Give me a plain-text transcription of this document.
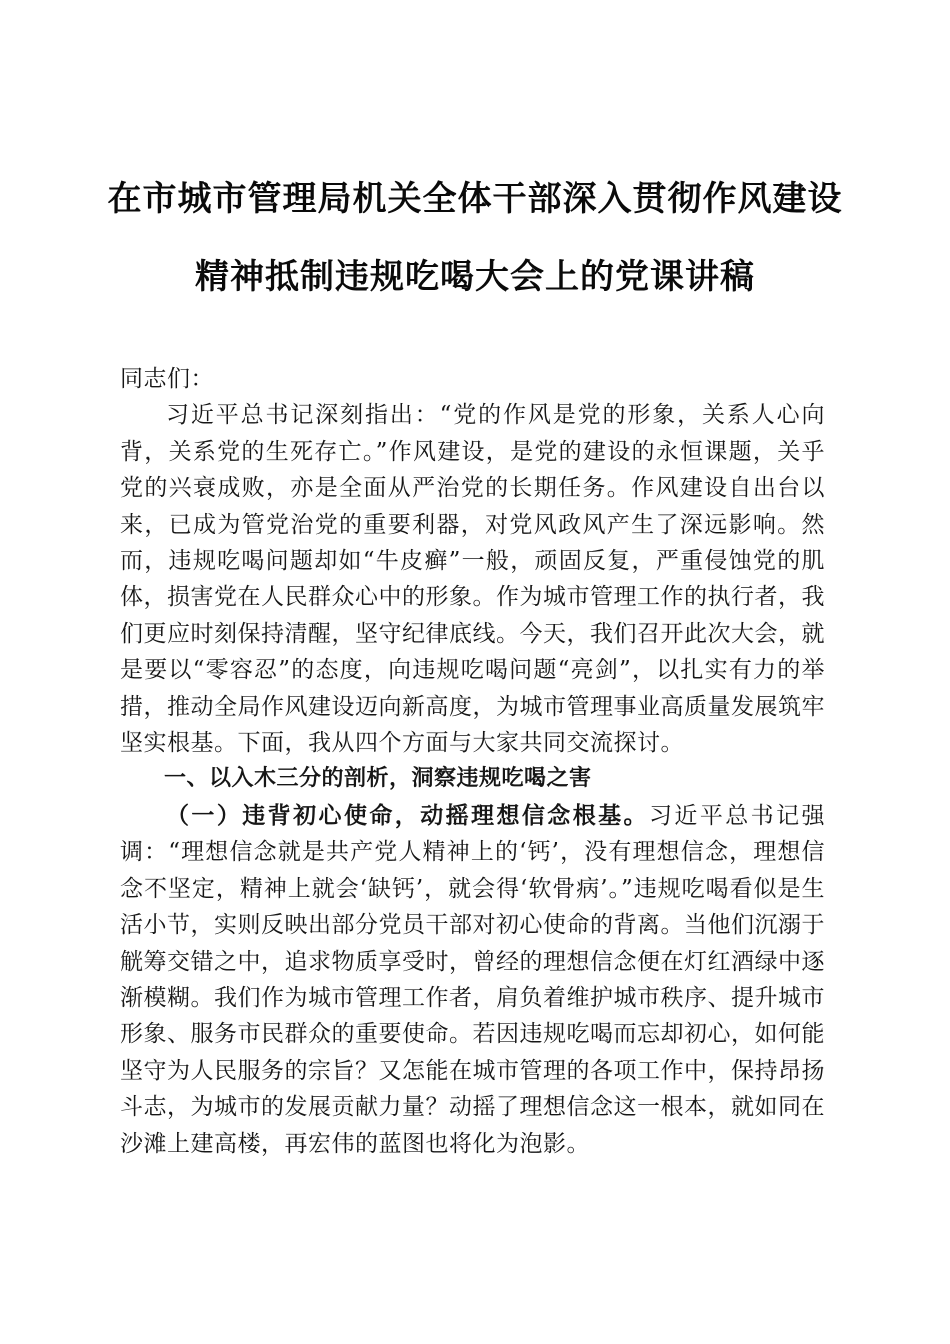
在市城市管理局机关全体干部深入贯彻作风建设精神抵制违规吃喝大会上的党课讲稿

同志们：

习近平总书记深刻指出：“党的作风是党的形象，关系人心向背，关系党的生死存亡。”作风建设，是党的建设的永恒课题，关乎党的兴衰成败，亦是全面从严治党的长期任务。作风建设自出台以来，已成为管党治党的重要利器，对党风政风产生了深远影响。然而，违规吃喝问题却如“牛皮癣”一般，顽固反复，严重侵蚀党的肌体，损害党在人民群众心中的形象。作为城市管理工作的执行者，我们更应时刻保持清醒，坚守纪律底线。今天，我们召开此次大会，就是要以“零容忍”的态度，向违规吃喝问题“亮剑”，以扎实有力的举措，推动全局作风建设迈向新高度，为城市管理事业高质量发展筑牢坚实根基。下面，我从四个方面与大家共同交流探讨。

一、以入木三分的剖析，洞察违规吃喝之害

（一）违背初心使命，动摇理想信念根基。习近平总书记强调：“理想信念就是共产党人精神上的‘钙’，没有理想信念，理想信念不坚定，精神上就会‘缺钙’，就会得‘软骨病’。”违规吃喝看似是生活小节，实则反映出部分党员干部对初心使命的背离。当他们沉溺于觥筹交错之中，追求物质享受时，曾经的理想信念便在灯红酒绿中逐渐模糊。我们作为城市管理工作者，肩负着维护城市秩序、提升城市形象、服务市民群众的重要使命。若因违规吃喝而忘却初心，如何能坚守为人民服务的宗旨？又怎能在城市管理的各项工作中，保持昂扬斗志，为城市的发展贡献力量？动摇了理想信念这一根本，就如同在沙滩上建高楼，再宏伟的蓝图也将化为泡影。
